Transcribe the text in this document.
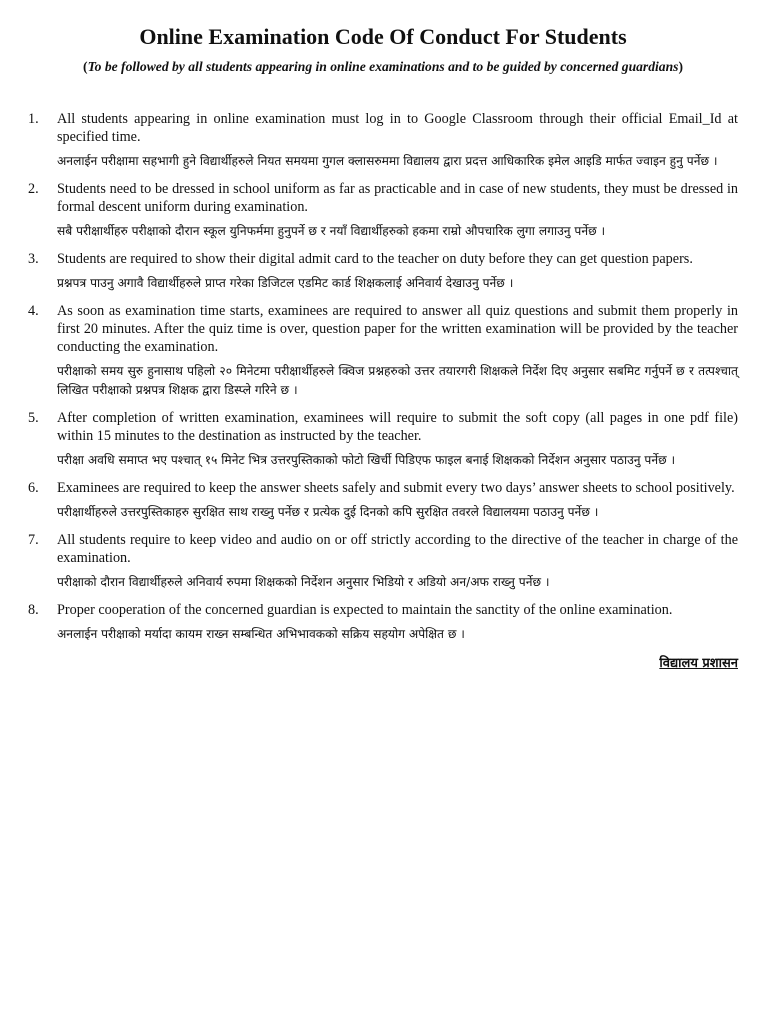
Online Examination Code Of Conduct For Students

(To be followed by all students appearing in online examinations and to be guided by concerned guardians)

1.	All students appearing in online examination must log in to Google Classroom through their official Email_Id at specified time.

अनलाईन परीक्षामा सहभागी हुने विद्यार्थीहरुले नियत समयमा गुगल क्लासरुममा विद्यालय द्वारा प्रदत्त आधिकारिक इमेल आइडि मार्फत ज्वाइन हुनु पर्नेछ ।

2.	Students need to be dressed in school uniform as far as practicable and in case of new students, they must be dressed in formal descent uniform during examination.

सबै परीक्षार्थीहरु परीक्षाको दौरान स्कूल युनिफर्ममा हुनुपर्ने छ र नयाँ विद्यार्थीहरुको हकमा राम्रो औपचारिक लुगा लगाउनु पर्नेछ ।

3.	Students are required to show their digital admit card to the teacher on duty before they can get question papers.

प्रश्नपत्र पाउनु अगावै विद्यार्थीहरुले प्राप्त गरेका डिजिटल एडमिट कार्ड शिक्षकलाई अनिवार्य देखाउनु पर्नेछ ।

4.	As soon as examination time starts, examinees are required to answer all quiz questions and submit them properly in first 20 minutes. After the quiz time is over, question paper for the written examination will be provided by the teacher conducting the examination.

परीक्षाको समय सुरु हुनासाथ पहिलो २० मिनेटमा परीक्षार्थीहरुले क्विज प्रश्नहरुको उत्तर तयारगरी शिक्षकले निर्देश दिए अनुसार सबमिट गर्नुपर्ने छ र तत्पश्चात् लिखित परीक्षाको प्रश्नपत्र शिक्षक द्वारा डिस्प्ले गरिने छ ।

5.	After completion of written examination, examinees will require to submit the soft copy (all pages in one pdf file) within 15 minutes to the destination as instructed by the teacher.

परीक्षा अवधि समाप्त भए पश्चात् १५ मिनेट भित्र उत्तरपुस्तिकाको फोटो खिर्ची पिडिएफ फाइल बनाई शिक्षकको निर्देशन अनुसार पठाउनु पर्नेछ ।

6.	Examinees are required to keep the answer sheets safely and submit every two days’ answer sheets to school positively.

परीक्षार्थीहरुले उत्तरपुस्तिकाहरु सुरक्षित साथ राख्नु पर्नेछ र प्रत्येक दुई दिनको कपि सुरक्षित तवरले विद्यालयमा पठाउनु पर्नेछ ।

7.	All students require to keep video and audio on or off strictly according to the directive of the teacher in charge of the examination.

परीक्षाको दौरान विद्यार्थीहरुले अनिवार्य रुपमा शिक्षकको निर्देशन अनुसार भिडियो र अडियो अन/अफ राख्नु पर्नेछ ।

8.	Proper cooperation of the concerned guardian is expected to maintain the sanctity of the online examination.

अनलाईन परीक्षाको मर्यादा कायम राख्न सम्बन्धित अभिभावकको सक्रिय सहयोग अपेक्षित छ ।

विद्यालय प्रशासन
